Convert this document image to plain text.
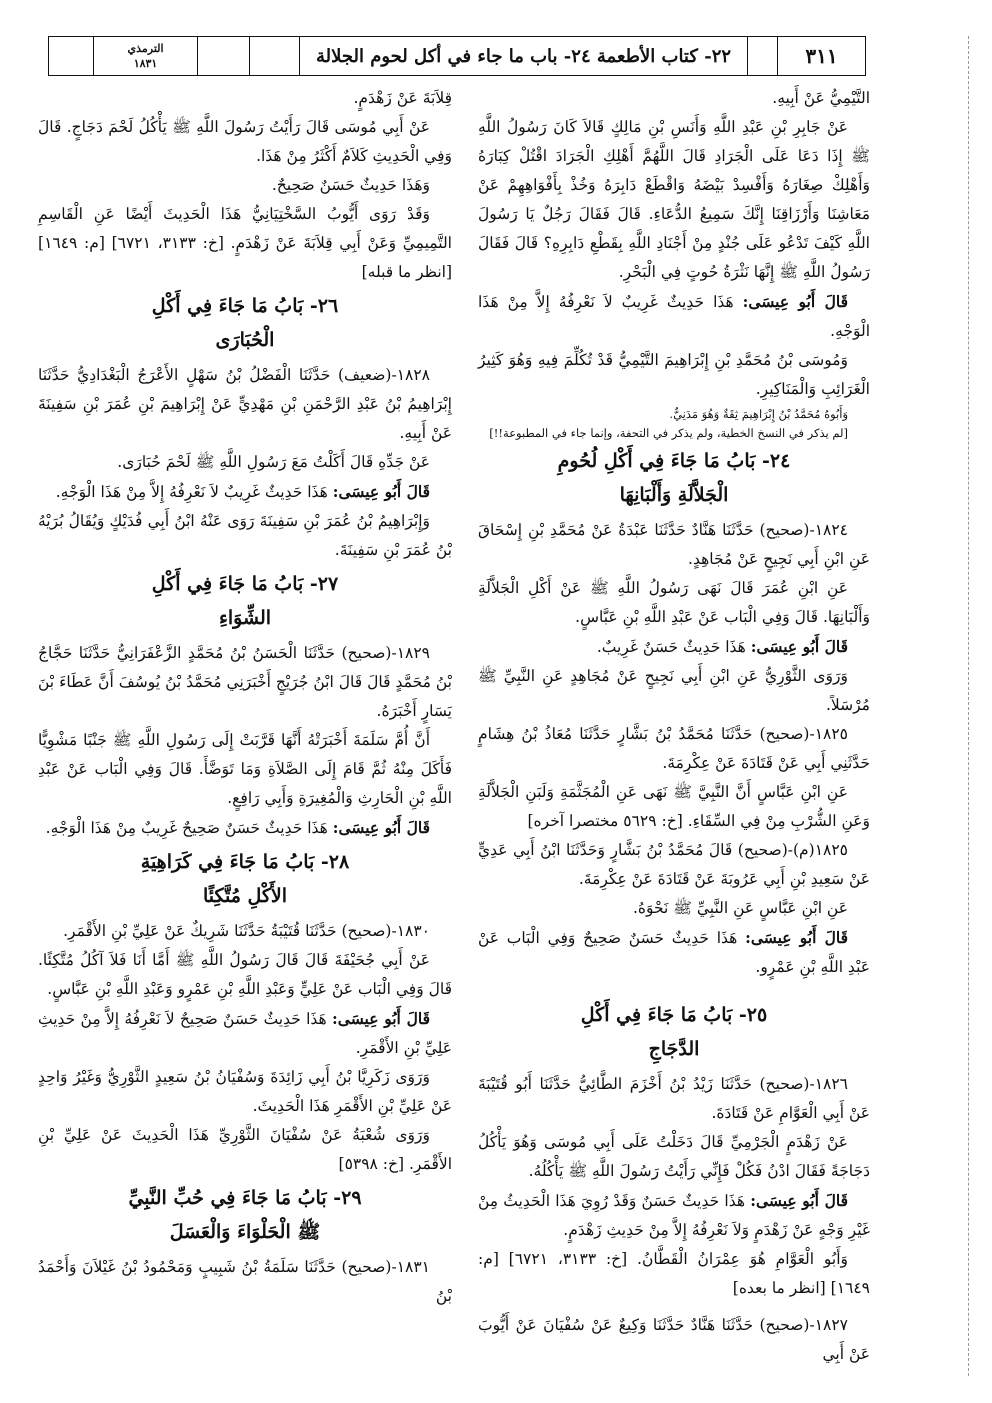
٣١١
٢٢- كتاب الأطعمة ٢٤- باب ما جاء في أكل لحوم الجلالة
الترمذي
١٨٣١

التَّيْمِيُّ عَنْ أَبِيهِ.

عَنْ جَابِرِ بْنِ عَبْدِ اللَّهِ وَأَنَسِ بْنِ مَالِكٍ قَالاَ كَانَ رَسُولُ اللَّهِ ﷺ إِذَا دَعَا عَلَى الْجَرَادِ قَالَ اللَّهُمَّ أَهْلِكِ الْجَرَادَ اقْتُلْ كِبَارَهُ وَأَهْلِكْ صِغَارَهُ وَأَفْسِدْ بَيْضَهُ وَاقْطَعْ دَابِرَهُ وَخُذْ بِأَفْوَاهِهِمْ عَنْ مَعَاشِنَا وَأَرْزَاقِنَا إِنَّكَ سَمِيعُ الدُّعَاءِ. قَالَ فَقَالَ رَجُلٌ يَا رَسُولَ اللَّهِ كَيْفَ تَدْعُو عَلَى جُنْدٍ مِنْ أَجْنَادِ اللَّهِ بِقَطْعِ دَابِرِهِ؟ قَالَ فَقَالَ رَسُولُ اللَّهِ ﷺ إِنَّهَا نَثْرَةُ حُوتٍ فِي الْبَحْرِ.

قَالَ أَبُو عِيسَى: هَذَا حَدِيثٌ غَرِيبٌ لاَ نَعْرِفُهُ إِلاَّ مِنْ هَذَا الْوَجْهِ.

وَمُوسَى بْنُ مُحَمَّدِ بْنِ إِبْرَاهِيمَ التَّيْمِيُّ قَدْ تُكُلِّمَ فِيهِ وَهُوَ كَثِيرُ الْغَرَائِبِ وَالْمَنَاكِيرِ.

وَأَبُوهُ مُحَمَّدُ بْنُ إِبْرَاهِيمَ ثِقَةٌ وَهُوَ مَدَنِيٌّ.

[لم يذكر في النسخ الخطية، ولم يذكر في التحفة، وإنما جاء في المطبوعة!!]

٢٤- بَابُ مَا جَاءَ فِي أَكْلِ لُحُومِ
الْجَلاَّلَةِ وَأَلْبَانِهَا

١٨٢٤-(صحيح) حَدَّثَنَا هَنَّادٌ حَدَّثَنَا عَبْدَةُ عَنْ مُحَمَّدِ بْنِ إِسْحَاقَ عَنِ ابْنِ أَبِي نَجِيحٍ عَنْ مُجَاهِدٍ.

عَنِ ابْنِ عُمَرَ قَالَ نَهَى رَسُولُ اللَّهِ ﷺ عَنْ أَكْلِ الْجَلاَّلَةِ وَأَلْبَانِهَا. قَالَ وَفِي الْبَاب عَنْ عَبْدِ اللَّهِ بْنِ عَبَّاسٍ.

قَالَ أَبُو عِيسَى: هَذَا حَدِيثٌ حَسَنٌ غَرِيبٌ.

وَرَوَى الثَّوْرِيُّ عَنِ ابْنِ أَبِي نَجِيحٍ عَنْ مُجَاهِدٍ عَنِ النَّبِيِّ ﷺ مُرْسَلاً.

١٨٢٥-(صحيح) حَدَّثَنَا مُحَمَّدُ بْنُ بَشَّارٍ حَدَّثَنَا مُعَاذُ بْنُ هِشَامٍ حَدَّثَنِي أَبِي عَنْ قَتَادَةَ عَنْ عِكْرِمَةَ.

عَنِ ابْنِ عَبَّاسٍ أَنَّ النَّبِيَّ ﷺ نَهَى عَنِ الْمُجَثَّمَةِ وَلَبَنِ الْجَلاَّلَةِ وَعَنِ الشُّرْبِ مِنْ فِي السِّقَاءِ. [خ: ٥٦٢٩ مختصرا آخره]

١٨٢٥(م)-(صحيح) قَالَ مُحَمَّدُ بْنُ بَشَّارٍ وَحَدَّثَنَا ابْنُ أَبِي عَدِيٍّ عَنْ سَعِيدِ بْنِ أَبِي عَرُوبَةَ عَنْ قَتَادَةَ عَنْ عِكْرِمَةَ.

عَنِ ابْنِ عَبَّاسٍ عَنِ النَّبِيِّ ﷺ نَحْوَهُ.

قَالَ أَبُو عِيسَى: هَذَا حَدِيثٌ حَسَنٌ صَحِيحٌ وَفِي الْبَاب عَنْ عَبْدِ اللَّهِ بْنِ عَمْرٍو.

٢٥- بَابُ مَا جَاءَ فِي أَكْلِ
الدَّجَاجِ

١٨٢٦-(صحيح) حَدَّثَنَا زَيْدُ بْنُ أَخْزَمَ الطَّائِيُّ حَدَّثَنَا أَبُو قُتَيْبَةَ عَنْ أَبِي الْعَوَّامِ عَنْ قَتَادَةَ.

عَنْ زَهْدَمٍ الْجَرْمِيِّ قَالَ دَخَلْتُ عَلَى أَبِي مُوسَى وَهُوَ يَأْكُلُ دَجَاجَةً فَقَالَ ادْنُ فَكُلْ فَإِنِّي رَأَيْتُ رَسُولَ اللَّهِ ﷺ يَأْكُلُهُ.

قَالَ أَبُو عِيسَى: هَذَا حَدِيثٌ حَسَنٌ وَقَدْ رُوِيَ هَذَا الْحَدِيثُ مِنْ غَيْرِ وَجْهٍ عَنْ زَهْدَمٍ وَلاَ نَعْرِفُهُ إِلاَّ مِنْ حَدِيثِ زَهْدَمٍ.

وَأَبُو الْعَوَّامِ هُوَ عِمْرَانُ الْقَطَّانُ. [خ: ٣١٣٣، ٦٧٢١] [م: ١٦٤٩] [انظر ما بعده]

١٨٢٧-(صحيح) حَدَّثَنَا هَنَّادٌ حَدَّثَنَا وَكِيعٌ عَنْ سُفْيَانَ عَنْ أَيُّوبَ عَنْ أَبِي

قِلاَبَةَ عَنْ زَهْدَمٍ.

عَنْ أَبِي مُوسَى قَالَ رَأَيْتُ رَسُولَ اللَّهِ ﷺ يَأْكُلُ لَحْمَ دَجَاجٍ. قَالَ وَفِي الْحَدِيثِ كَلاَمٌ أَكْثَرُ مِنْ هَذَا.

وَهَذَا حَدِيثٌ حَسَنٌ صَحِيحٌ.

وَقَدْ رَوَى أَيُّوبُ السَّخْتِيَانِيُّ هَذَا الْحَدِيثَ أَيْضًا عَنِ الْقَاسِمِ التَّمِيمِيِّ وَعَنْ أَبِي قِلاَبَةَ عَنْ زَهْدَمٍ. [خ: ٣١٣٣، ٦٧٢١] [م: ١٦٤٩] [انظر ما قبله]

٢٦- بَابُ مَا جَاءَ فِي أَكْلِ
الْحُبَارَى

١٨٢٨-(ضعيف) حَدَّثَنَا الْفَضْلُ بْنُ سَهْلٍ الأَعْرَجُ الْبَغْدَادِيُّ حَدَّثَنَا إِبْرَاهِيمُ بْنُ عَبْدِ الرَّحْمَنِ بْنِ مَهْدِيٍّ عَنْ إِبْرَاهِيمَ بْنِ عُمَرَ بْنِ سَفِينَةَ عَنْ أَبِيهِ.

عَنْ جَدِّهِ قَالَ أَكَلْتُ مَعَ رَسُولِ اللَّهِ ﷺ لَحْمَ حُبَارَى.

قَالَ أَبُو عِيسَى: هَذَا حَدِيثٌ غَرِيبٌ لاَ نَعْرِفُهُ إِلاَّ مِنْ هَذَا الْوَجْهِ.

وَإِبْرَاهِيمُ بْنُ عُمَرَ بْنِ سَفِينَةَ رَوَى عَنْهُ ابْنُ أَبِي فُدَيْكٍ وَيُقَالُ بُرَيْهُ بْنُ عُمَرَ بْنِ سَفِينَةَ.

٢٧- بَابُ مَا جَاءَ فِي أَكْلِ
الشِّوَاءِ

١٨٢٩-(صحيح) حَدَّثَنَا الْحَسَنُ بْنُ مُحَمَّدٍ الزَّعْفَرَانِيُّ حَدَّثَنَا حَجَّاجُ بْنُ مُحَمَّدٍ قَالَ قَالَ ابْنُ جُرَيْجٍ أَخْبَرَنِي مُحَمَّدُ بْنُ يُوسُفَ أَنَّ عَطَاءَ بْنَ يَسَارٍ أَخْبَرَهُ.

أَنَّ أُمَّ سَلَمَةَ أَخْبَرَتْهُ أَنَّهَا قَرَّبَتْ إِلَى رَسُولِ اللَّهِ ﷺ جَنْبًا مَشْوِيًّا فَأَكَلَ مِنْهُ ثُمَّ قَامَ إِلَى الصَّلاَةِ وَمَا تَوَضَّأَ. قَالَ وَفِي الْبَاب عَنْ عَبْدِ اللَّهِ بْنِ الْحَارِثِ وَالْمُغِيرَةِ وَأَبِي رَافِعٍ.

قَالَ أَبُو عِيسَى: هَذَا حَدِيثٌ حَسَنٌ صَحِيحٌ غَرِيبٌ مِنْ هَذَا الْوَجْهِ.

٢٨- بَابُ مَا جَاءَ فِي كَرَاهِيَةِ
الأَكْلِ مُتَّكِئًا

١٨٣٠-(صحيح) حَدَّثَنَا قُتَيْبَةُ حَدَّثَنَا شَرِيكٌ عَنْ عَلِيِّ بْنِ الأَقْمَرِ.

عَنْ أَبِي جُحَيْفَةَ قَالَ قَالَ رَسُولُ اللَّهِ ﷺ أَمَّا أَنَا فَلاَ آكُلُ مُتَّكِئًا. قَالَ وَفِي الْبَاب عَنْ عَلِيٍّ وَعَبْدِ اللَّهِ بْنِ عَمْرٍو وَعَبْدِ اللَّهِ بْنِ عَبَّاسٍ.

قَالَ أَبُو عِيسَى: هَذَا حَدِيثٌ حَسَنٌ صَحِيحٌ لاَ نَعْرِفُهُ إِلاَّ مِنْ حَدِيثِ عَلِيِّ بْنِ الأَقْمَرِ.

وَرَوَى زَكَرِيَّا بْنُ أَبِي زَائِدَةَ وَسُفْيَانُ بْنُ سَعِيدٍ الثَّوْرِيُّ وَغَيْرُ وَاحِدٍ عَنْ عَلِيِّ بْنِ الأَقْمَرِ هَذَا الْحَدِيثَ.

وَرَوَى شُعْبَةُ عَنْ سُفْيَانَ الثَّوْرِيِّ هَذَا الْحَدِيثَ عَنْ عَلِيِّ بْنِ الأَقْمَرِ. [خ: ٥٣٩٨]

٢٩- بَابُ مَا جَاءَ فِي حُبِّ النَّبِيِّ
ﷺ الْحَلْوَاءَ وَالْعَسَلَ

١٨٣١-(صحيح) حَدَّثَنَا سَلَمَةُ بْنُ شَبِيبٍ وَمَحْمُودُ بْنُ غَيْلاَنَ وَأَحْمَدُ بْنُ
